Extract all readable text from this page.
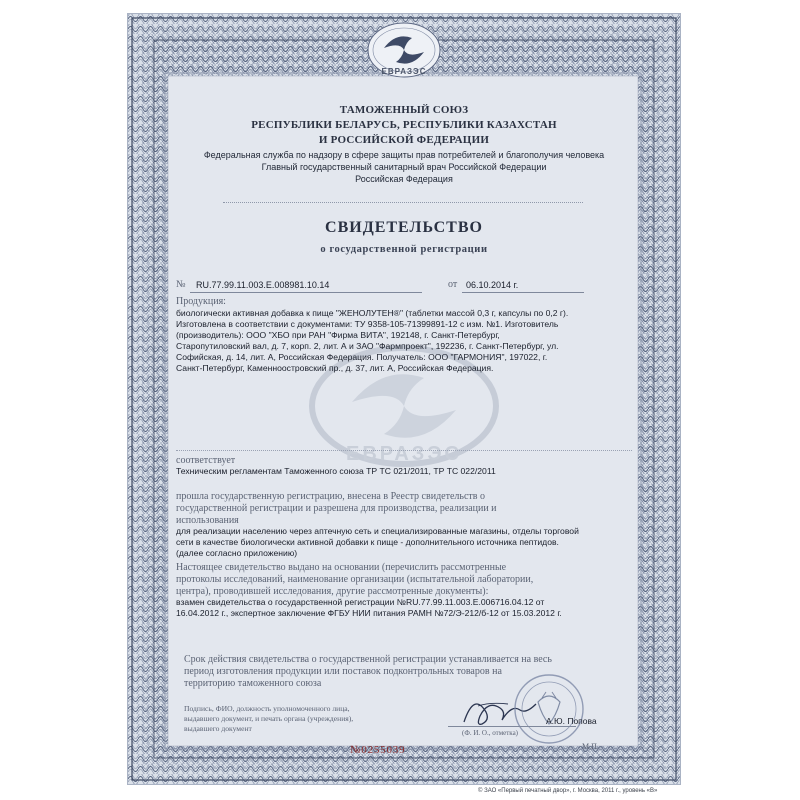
ЕВРАЗЭС
ТАМОЖЕННЫЙ СОЮЗ
РЕСПУБЛИКИ БЕЛАРУСЬ, РЕСПУБЛИКИ КАЗАХСТАН
И РОССИЙСКОЙ ФЕДЕРАЦИИ
Федеральная служба по надзору в сфере защиты прав потребителей и благополучия человека
Главный государственный санитарный врач Российской Федерации
Российская Федерация
СВИДЕТЕЛЬСТВО
о государственной регистрации
№ RU.77.99.11.003.Е.008981.10.14	от 06.10.2014 г.
ЕВРАЗЭС
Продукция:
биологически активная добавка к пище "ЖЕНОЛУТЕН®" (таблетки массой 0,3 г, капсулы по 0,2 г).
Изготовлена в соответствии с документами: ТУ 9358-105-71399891-12 с изм. №1. Изготовитель
(производитель): ООО "ХБО при РАН "Фирма ВИТА", 192148, г. Санкт-Петербург,
Старопутиловский вал, д. 7, корп. 2, лит. А и ЗАО "Фармпроект", 192236, г. Санкт-Петербург, ул.
Софийская, д. 14, лит. А, Российская Федерация. Получатель: ООО "ГАРМОНИЯ", 197022, г.
Санкт-Петербург, Каменноостровский пр., д. 37, лит. А, Российская Федерация.
соответствует
Техническим регламентам Таможенного союза ТР ТС 021/2011, ТР ТС 022/2011
прошла государственную регистрацию, внесена в Реестр свидетельств о
государственной регистрации и разрешена для производства, реализации и
использования
для реализации населению через аптечную сеть и специализированные магазины, отделы торговой
сети в качестве биологически активной добавки к пище - дополнительного источника пептидов.
(далее согласно приложению)
Настоящее свидетельство выдано на основании (перечислить рассмотренные
протоколы исследований, наименование организации (испытательной лаборатории,
центра), проводившей исследования, другие рассмотренные документы):
взамен свидетельства о государственной регистрации №RU.77.99.11.003.Е.006716.04.12 от
16.04.2012 г., экспертное заключение ФГБУ НИИ питания РАМН №72/Э-212/б-12 от 15.03.2012 г.
Срок действия свидетельства о государственной регистрации устанавливается на весь
период изготовления продукции или поставок подконтрольных товаров на
территорию таможенного союза
Подпись, ФИО, должность уполномоченного лица,
выдавшего документ, и печать органа (учреждения),
выдавшего документ
А.Ю. Попова
(Ф. И. О., отметка)
М.П.
№0255039
© ЗАО «Первый печатный двор», г. Москва, 2011 г., уровень «В»
